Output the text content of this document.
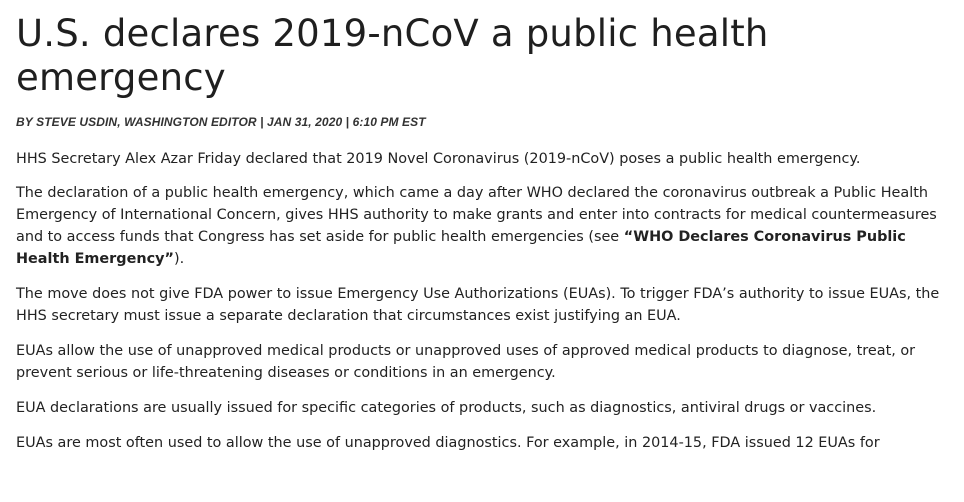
U.S. declares 2019-nCoV a public health emergency
BY STEVE USDIN, WASHINGTON EDITOR | JAN 31, 2020 | 6:10 PM EST

HHS Secretary Alex Azar Friday declared that 2019 Novel Coronavirus (2019-nCoV) poses a public health emergency.

The declaration of a public health emergency, which came a day after WHO declared the coronavirus outbreak a Public Health Emergency of International Concern, gives HHS authority to make grants and enter into contracts for medical countermeasures and to access funds that Congress has set aside for public health emergencies (see “WHO Declares Coronavirus Public Health Emergency”).

The move does not give FDA power to issue Emergency Use Authorizations (EUAs). To trigger FDA’s authority to issue EUAs, the HHS secretary must issue a separate declaration that circumstances exist justifying an EUA.

EUAs allow the use of unapproved medical products or unapproved uses of approved medical products to diagnose, treat, or prevent serious or life-threatening diseases or conditions in an emergency.

EUA declarations are usually issued for specific categories of products, such as diagnostics, antiviral drugs or vaccines.

EUAs are most often used to allow the use of unapproved diagnostics. For example, in 2014-15, FDA issued 12 EUAs for
